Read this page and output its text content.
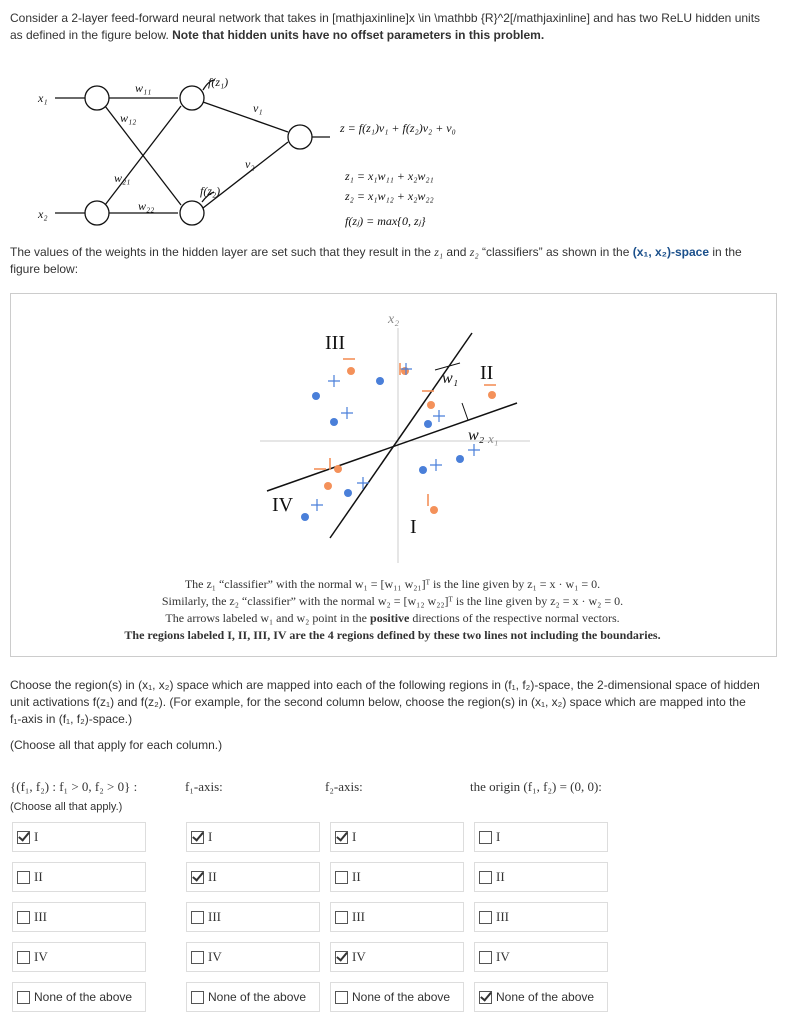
Consider a 2-layer feed-forward neural network that takes in [mathjaxinline]x \in \mathbb {R}^2[/mathjaxinline] and has two ReLU hidden units
as defined in the figure below. Note that hidden units have no offset parameters in this problem.
x₁
x₂
w₁₁
w₁₂
w₂₁
w₂₂
f(z₁)
f(z₂)
v₁
v₂
z = f(z₁)v₁ + f(z₂)v₂ + v₀
z₁ = x₁w₁₁ + x₂w₂₁
z₂ = x₁w₁₂ + x₂w₂₂
f(zⱼ) = max{0, zⱼ}
The values of the weights in the hidden layer are set such that they result in the z₁ and z₂ “classifiers” as shown in the (x₁, x₂)-space in the
figure below:
x₂
x₁
w₁
w₂
III
II
IV
I
The z₁ “classifier” with the normal w₁ = [w₁₁ w₂₁]ᵀ is the line given by z₁ = x · w₁ = 0.
Similarly, the z₂ “classifier” with the normal w₂ = [w₁₂ w₂₂]ᵀ is the line given by z₂ = x · w₂ = 0.
The arrows labeled w₁ and w₂ point in the positive directions of the respective normal vectors.
The regions labeled I, II, III, IV are the 4 regions defined by these two lines not including the boundaries.
Choose the region(s) in (x₁, x₂) space which are mapped into each of the following regions in (f₁, f₂)-space, the 2-dimensional space of hidden
unit activations f(z₁) and f(z₂). (For example, for the second column below, choose the region(s) in (x₁, x₂) space which are mapped into the
f₁-axis in (f₁, f₂)-space.)
(Choose all that apply for each column.)
{(f₁, f₂) : f₁ > 0, f₂ > 0} :
(Choose all that apply.)
f₂-axis:	the origin (f₁, f₂) = (0, 0):
f₁-axis:
I
II
III
IV
None of the above
I
II
III
IV
None of the above
I
II
III
IV
None of the above
I
II
III
IV
None of the above
